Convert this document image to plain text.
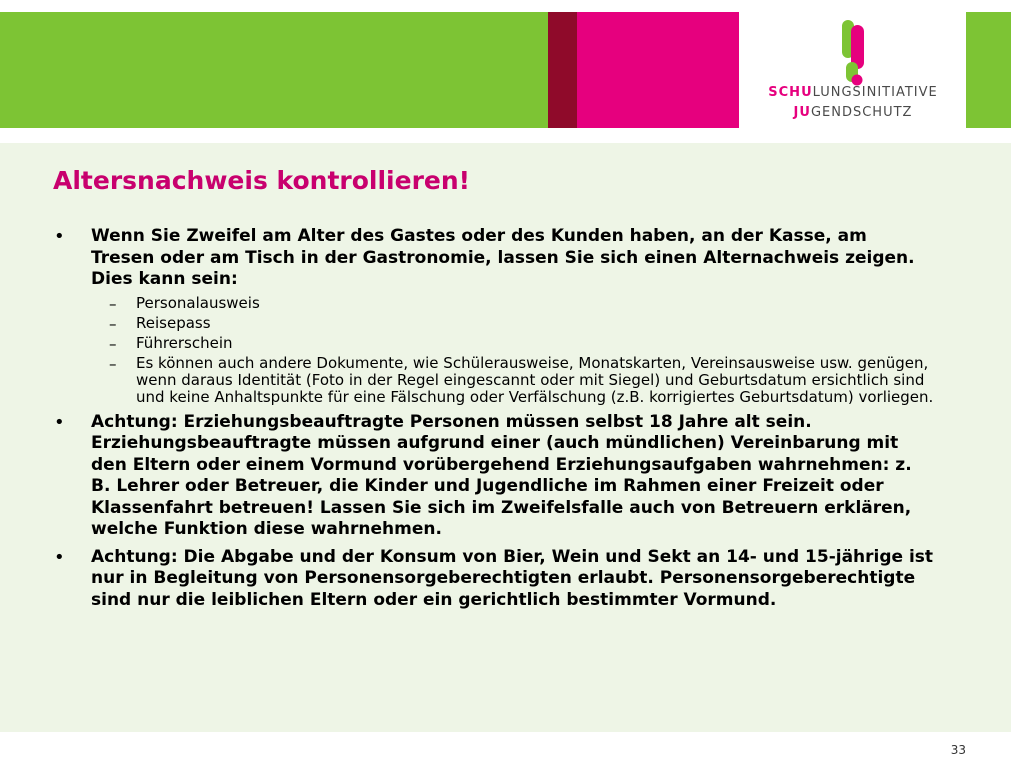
SCHULUNGSINITIATIVE
JUGENDSCHUTZ
Altersnachweis kontrollieren!
• Wenn Sie Zweifel am Alter des Gastes oder des Kunden haben, an der Kasse, am Tresen oder am Tisch in der Gastronomie, lassen Sie sich einen Alternachweis zeigen. Dies kann sein:
– Personalausweis
– Reisepass
– Führerschein
– Es können auch andere Dokumente, wie Schülerausweise, Monatskarten, Vereinsausweise usw. genügen, wenn daraus Identität (Foto in der Regel eingescannt oder mit Siegel) und Geburtsdatum ersichtlich sind und keine Anhaltspunkte für eine Fälschung oder Verfälschung (z.B. korrigiertes Geburtsdatum) vorliegen.
• Achtung: Erziehungsbeauftragte Personen müssen selbst 18 Jahre alt sein. Erziehungsbeauftragte müssen aufgrund einer (auch mündlichen) Vereinbarung mit den Eltern oder einem Vormund vorübergehend Erziehungsaufgaben wahrnehmen: z. B. Lehrer oder Betreuer, die Kinder und Jugendliche im Rahmen einer Freizeit oder Klassenfahrt betreuen! Lassen Sie sich im Zweifelsfalle auch von Betreuern erklären, welche Funktion diese wahrnehmen.
• Achtung: Die Abgabe und der Konsum von Bier, Wein und Sekt an 14- und 15-jährige ist nur in Begleitung von Personensorgeberechtigten erlaubt. Personensorgeberechtigte sind nur die leiblichen Eltern oder ein gerichtlich bestimmter Vormund.
33
